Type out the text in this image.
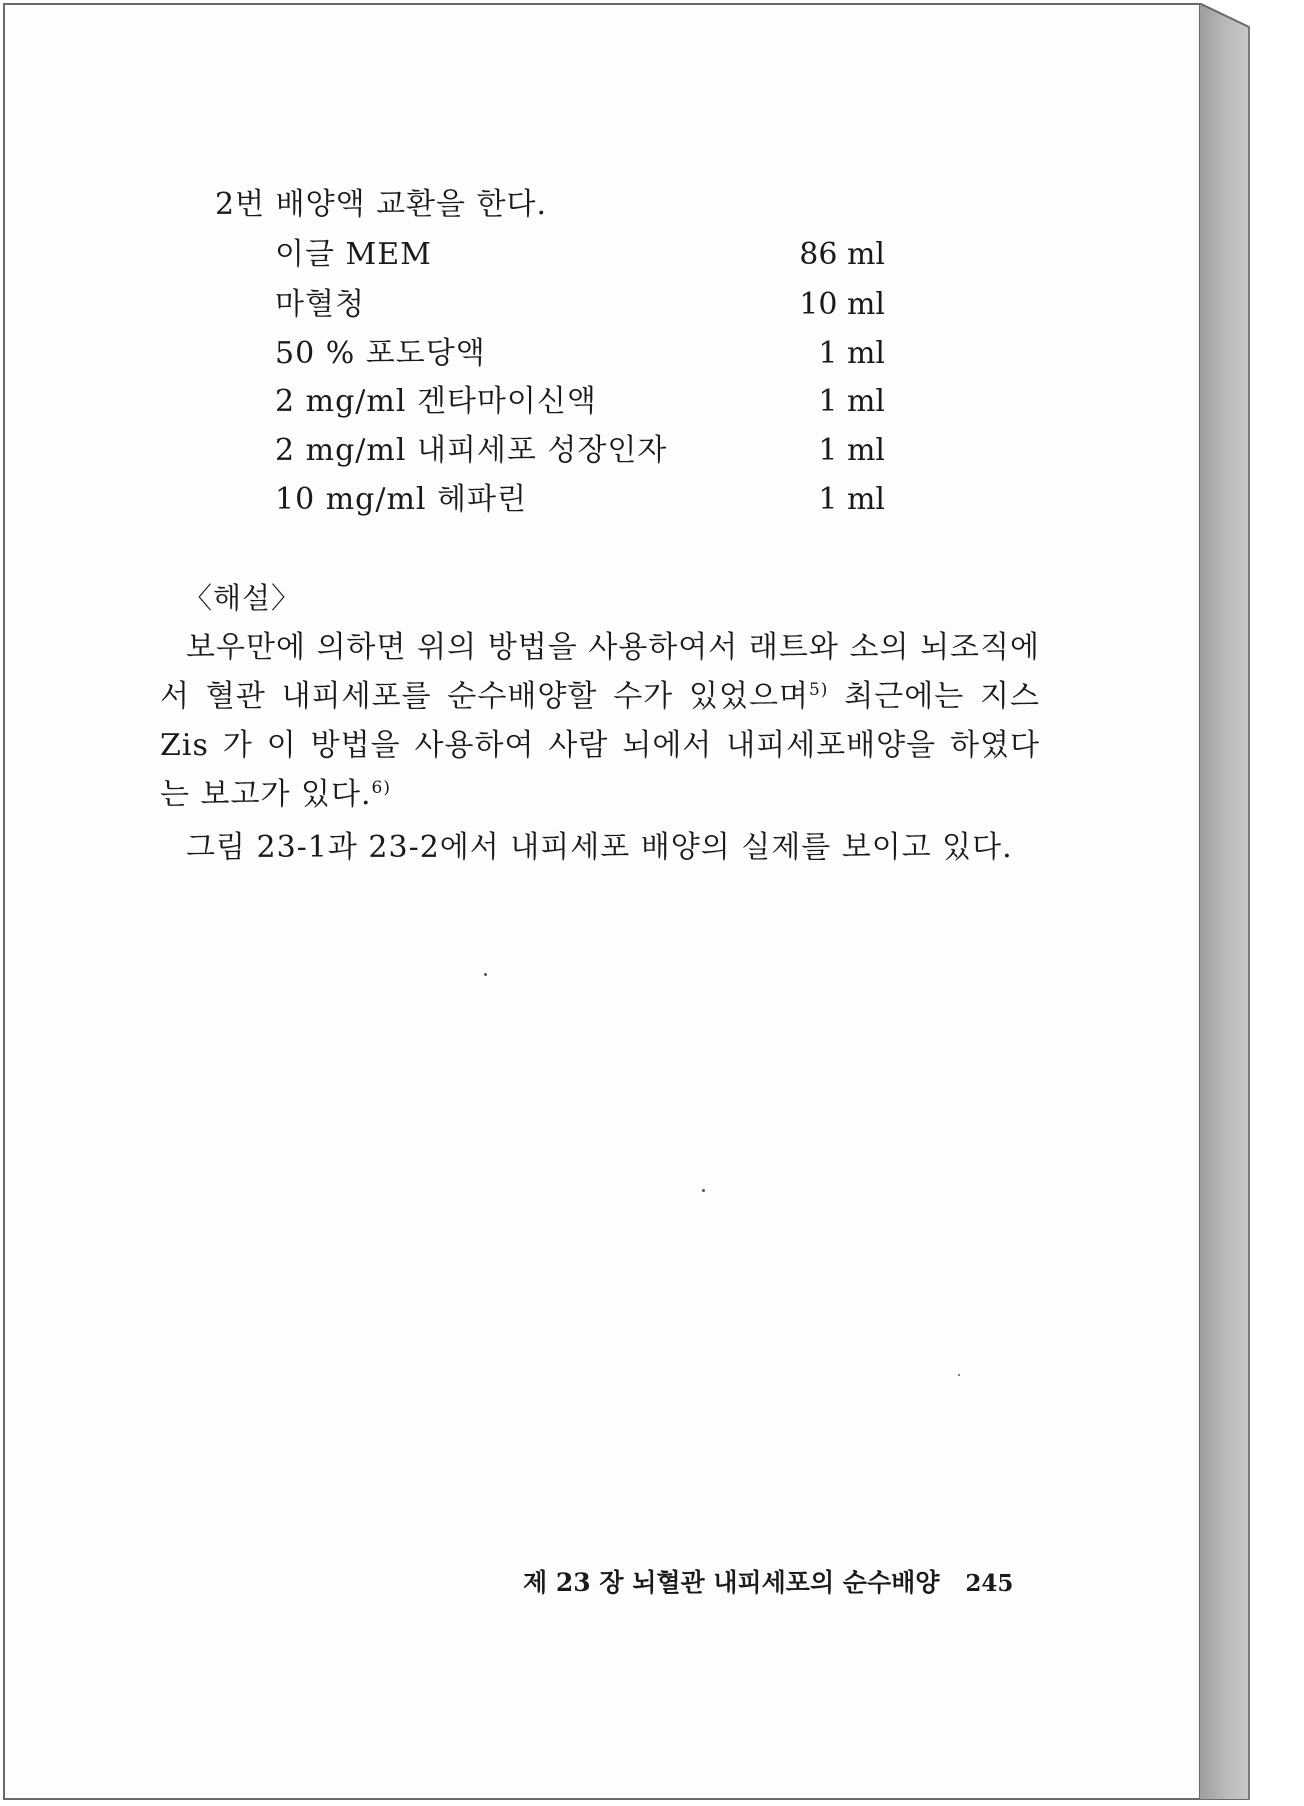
2번 배양액 교환을 한다.
이글 MEM	86 ml
마혈청	10 ml
50 % 포도당액	1 ml
2 mg/ml 겐타마이신액	1 ml
2 mg/ml 내피세포 성장인자	1 ml
10 mg/ml 헤파린	1 ml
〈해설〉
보우만에 의하면 위의 방법을 사용하여서 래트와 소의 뇌조직에서 혈관 내피세포를 순수배양할 수가 있었으며$^{5)}$ 최근에는 지스 Zis 가 이 방법을 사용하여 사람 뇌에서 내피세포배양을 하였다는 보고가 있다.$^{6)}$
그림 23-1과 23-2에서 내피세포 배양의 실제를 보이고 있다.
제 23 장 뇌혈관 내피세포의 순수배양 245
